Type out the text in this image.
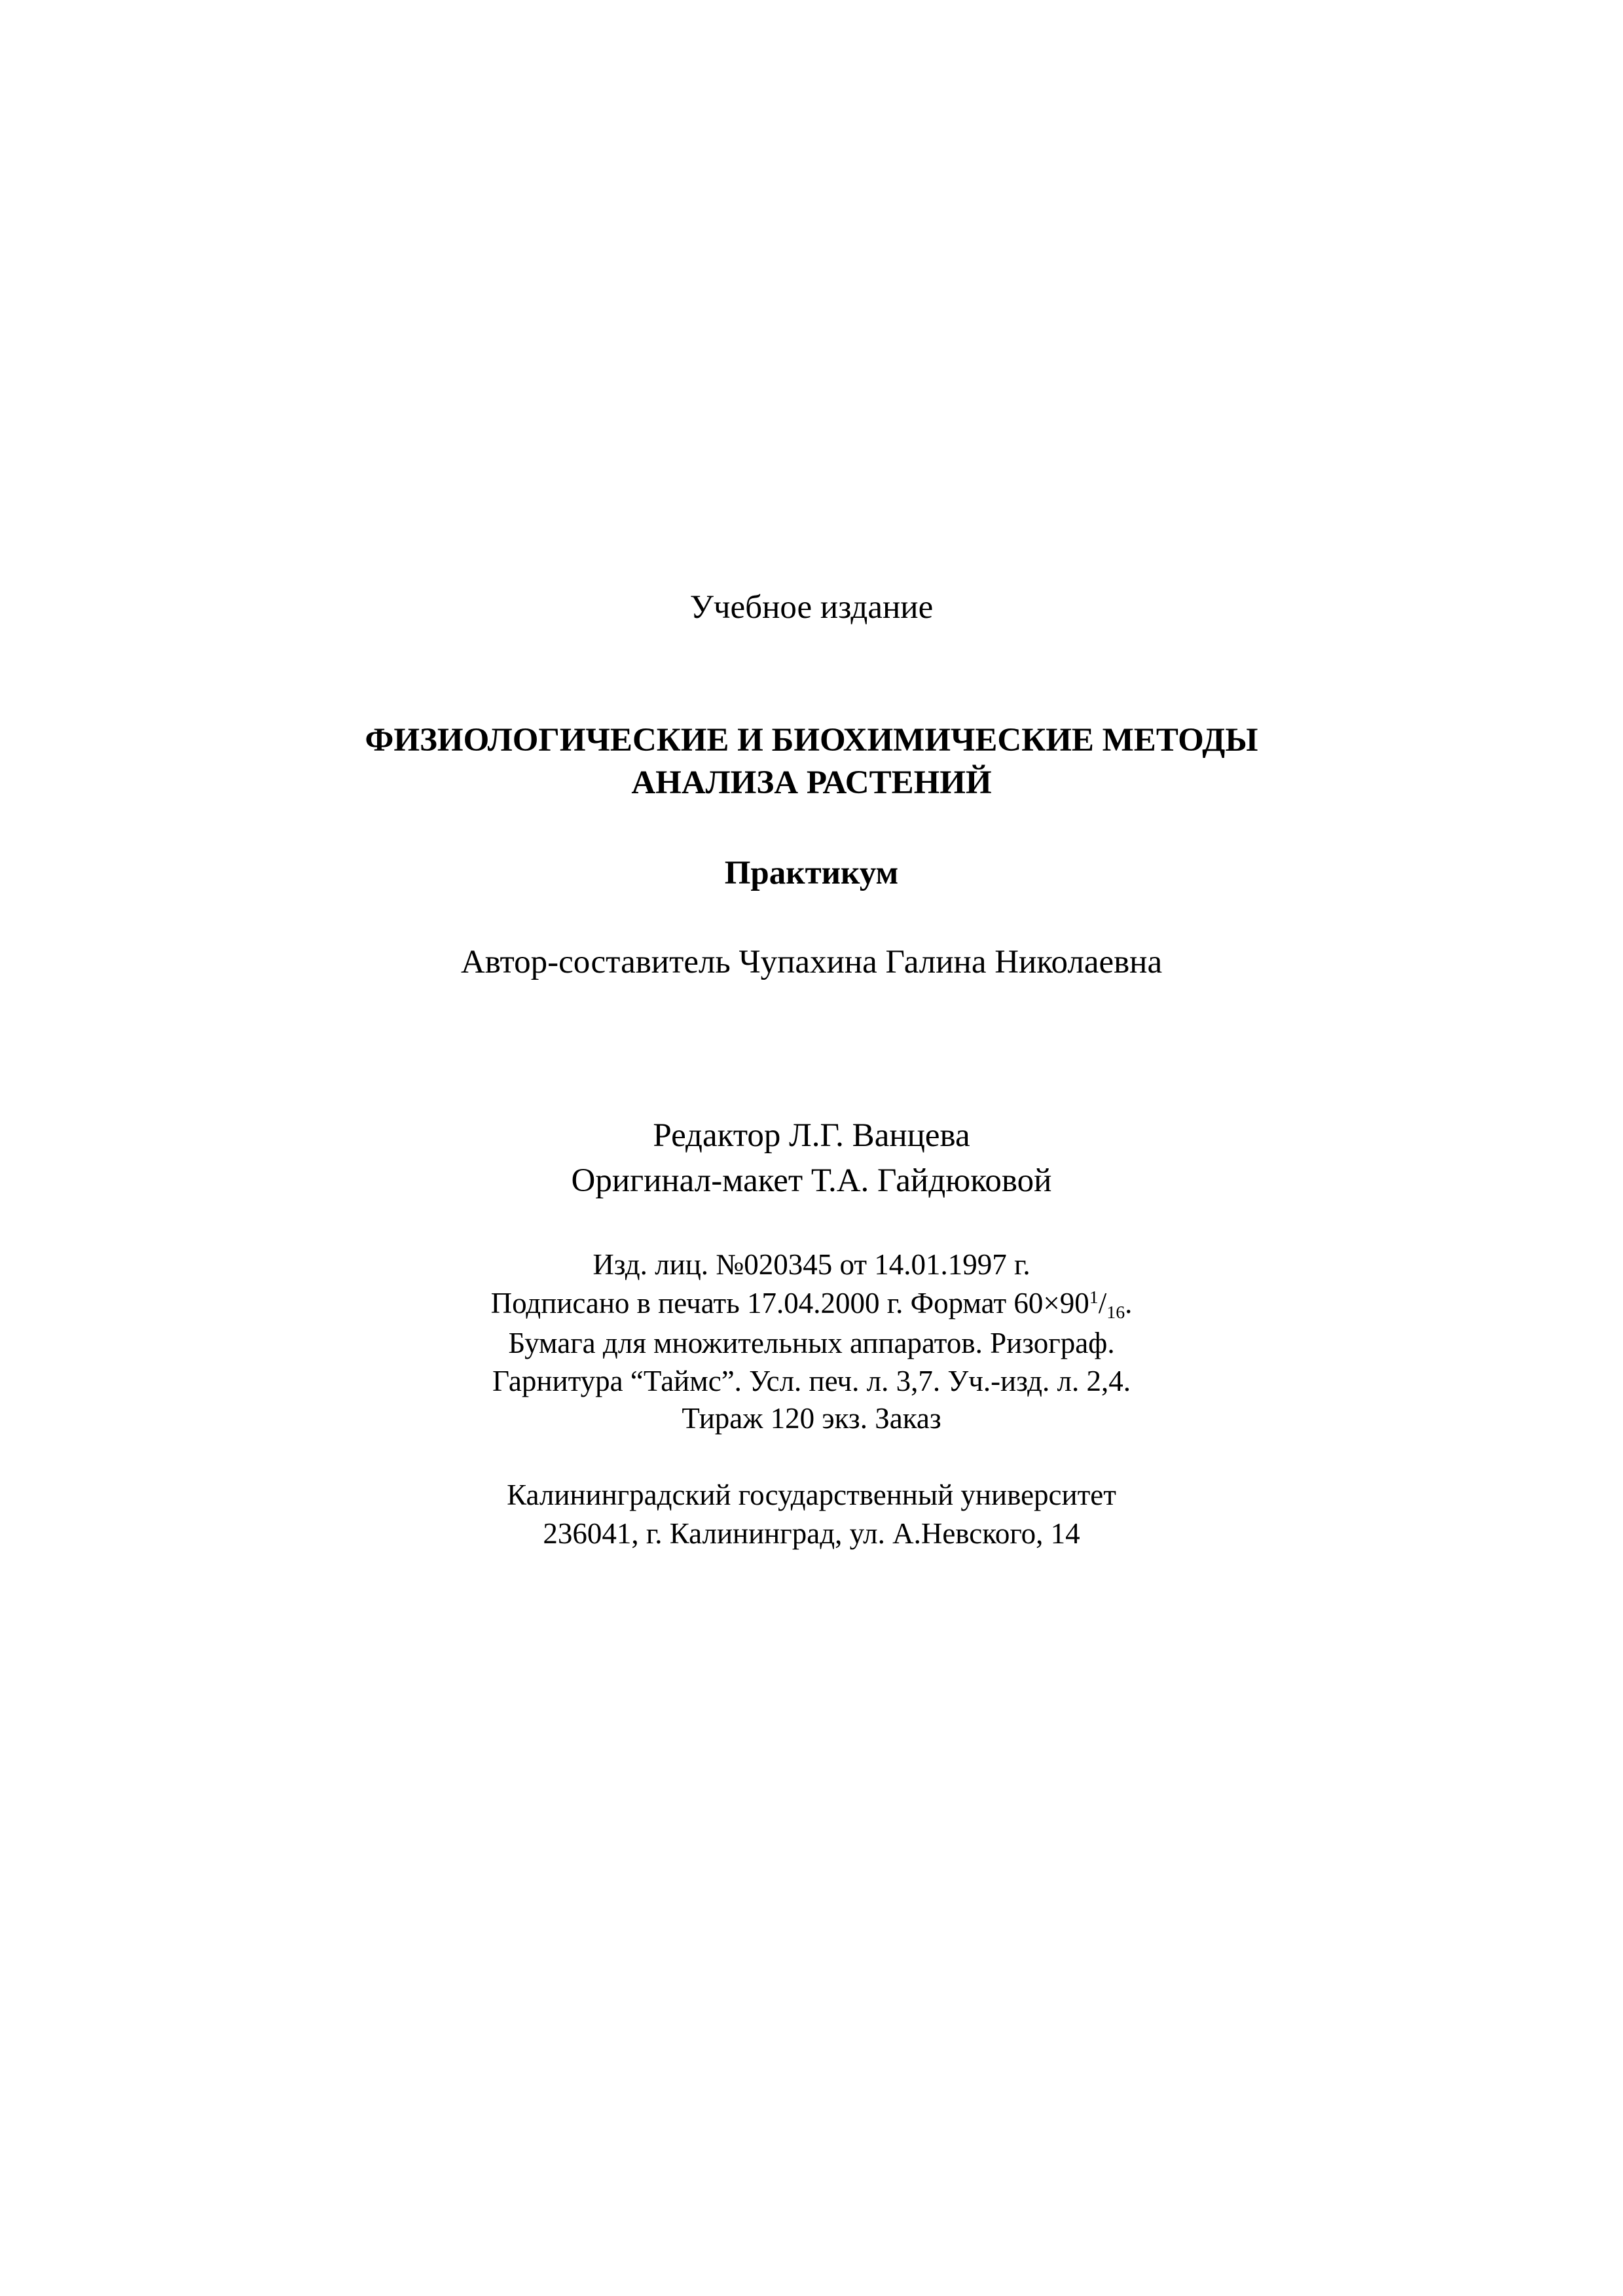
Учебное издание
ФИЗИОЛОГИЧЕСКИЕ И БИОХИМИЧЕСКИЕ МЕТОДЫ
АНАЛИЗА РАСТЕНИЙ
Практикум
Автор-составитель Чупахина Галина Николаевна
Редактор Л.Г. Ванцева
Оригинал-макет Т.А. Гайдюковой
Изд. лиц. №020345 от 14.01.1997 г.
Подписано в печать 17.04.2000 г. Формат $60\times 90^1/_{16}$.
Бумага для множительных аппаратов. Ризограф.
Гарнитура “Таймс”. Усл. печ. л. 3,7. Уч.-изд. л. 2,4.
Тираж 120 экз. Заказ
Калининградский государственный университет
236041, г. Калининград, ул. А.Невского, 14
